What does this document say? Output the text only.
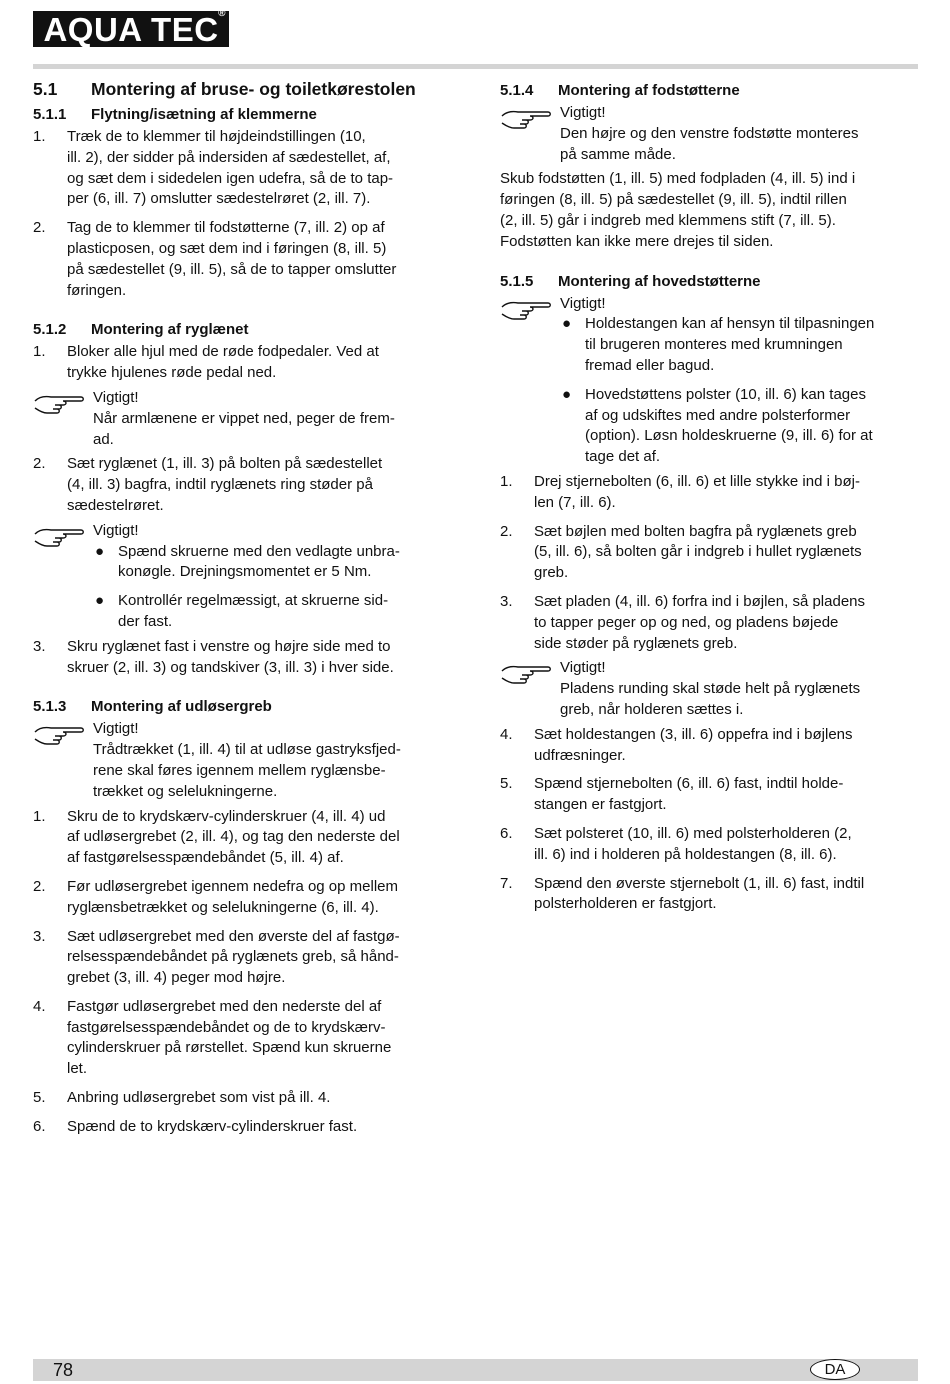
AQUA TEC ®
5.1 Montering af bruse- og toiletkørestolen
5.1.1 Flytning/isætning af klemmerne
1. Træk de to klemmer til højdeindstillingen (10,
ill. 2), der sidder på indersiden af sædestellet, af,
og sæt dem i sidedelen igen udefra, så de to tap-
per (6, ill. 7) omslutter sædestelrøret (2, ill. 7).
2. Tag de to klemmer til fodstøtterne (7, ill. 2) op af
plasticposen, og sæt dem ind i føringen (8, ill. 5)
på sædestellet (9, ill. 5), så de to tapper omslutter
føringen.
5.1.2 Montering af ryglænet
1. Bloker alle hjul med de røde fodpedaler. Ved at
trykke hjulenes røde pedal ned.
Vigtigt!
Når armlænene er vippet ned, peger de frem-
ad.
2. Sæt ryglænet (1, ill. 3) på bolten på sædestellet
(4, ill. 3) bagfra, indtil ryglænets ring støder på
sædestelrøret.
Vigtigt!
● Spænd skruerne med den vedlagte unbra-
konøgle. Drejningsmomentet er 5 Nm.
● Kontrollér regelmæssigt, at skruerne sid-
der fast.
3. Skru ryglænet fast i venstre og højre side med to
skruer (2, ill. 3) og tandskiver (3, ill. 3) i hver side.
5.1.3 Montering af udløsergreb
Vigtigt!
Trådtrækket (1, ill. 4) til at udløse gastryksfjed-
rene skal føres igennem mellem ryglænsbe-
trækket og selelukningerne.
1. Skru de to krydskærv-cylinderskruer (4, ill. 4) ud
af udløsergrebet (2, ill. 4), og tag den nederste del
af fastgørelsesspændebåndet (5, ill. 4) af.
2. Før udløsergrebet igennem nedefra og op mellem
ryglænsbetrækket og selelukningerne (6, ill. 4).
3. Sæt udløsergrebet med den øverste del af fastgø-
relsesspændebåndet på ryglænets greb, så hånd-
grebet (3, ill. 4) peger mod højre.
4. Fastgør udløsergrebet med den nederste del af
fastgørelsesspændebåndet og de to krydskærv-
cylinderskruer på rørstellet. Spænd kun skruerne
let.
5. Anbring udløsergrebet som vist på ill. 4.
6. Spænd de to krydskærv-cylinderskruer fast.
5.1.4 Montering af fodstøtterne
Vigtigt!
Den højre og den venstre fodstøtte monteres
på samme måde.
Skub fodstøtten (1, ill. 5) med fodpladen (4, ill. 5) ind i
føringen (8, ill. 5) på sædestellet (9, ill. 5), indtil rillen
(2, ill. 5) går i indgreb med klemmens stift (7, ill. 5).
Fodstøtten kan ikke mere drejes til siden.
5.1.5 Montering af hovedstøtterne
Vigtigt!
● Holdestangen kan af hensyn til tilpasningen
til brugeren monteres med krumningen
fremad eller bagud.
● Hovedstøttens polster (10, ill. 6) kan tages
af og udskiftes med andre polsterformer
(option). Løsn holdeskruerne (9, ill. 6) for at
tage det af.
1. Drej stjernebolten (6, ill. 6) et lille stykke ind i bøj-
len (7, ill. 6).
2. Sæt bøjlen med bolten bagfra på ryglænets greb
(5, ill. 6), så bolten går i indgreb i hullet ryglænets
greb.
3. Sæt pladen (4, ill. 6) forfra ind i bøjlen, så pladens
to tapper peger op og ned, og pladens bøjede
side støder på ryglænets greb.
Vigtigt!
Pladens runding skal støde helt på ryglænets
greb, når holderen sættes i.
4. Sæt holdestangen (3, ill. 6) oppefra ind i bøjlens
udfræsninger.
5. Spænd stjernebolten (6, ill. 6) fast, indtil holde-
stangen er fastgjort.
6. Sæt polsteret (10, ill. 6) med polsterholderen (2,
ill. 6) ind i holderen på holdestangen (8, ill. 6).
7. Spænd den øverste stjernebolt (1, ill. 6) fast, indtil
polsterholderen er fastgjort.
78	DA
